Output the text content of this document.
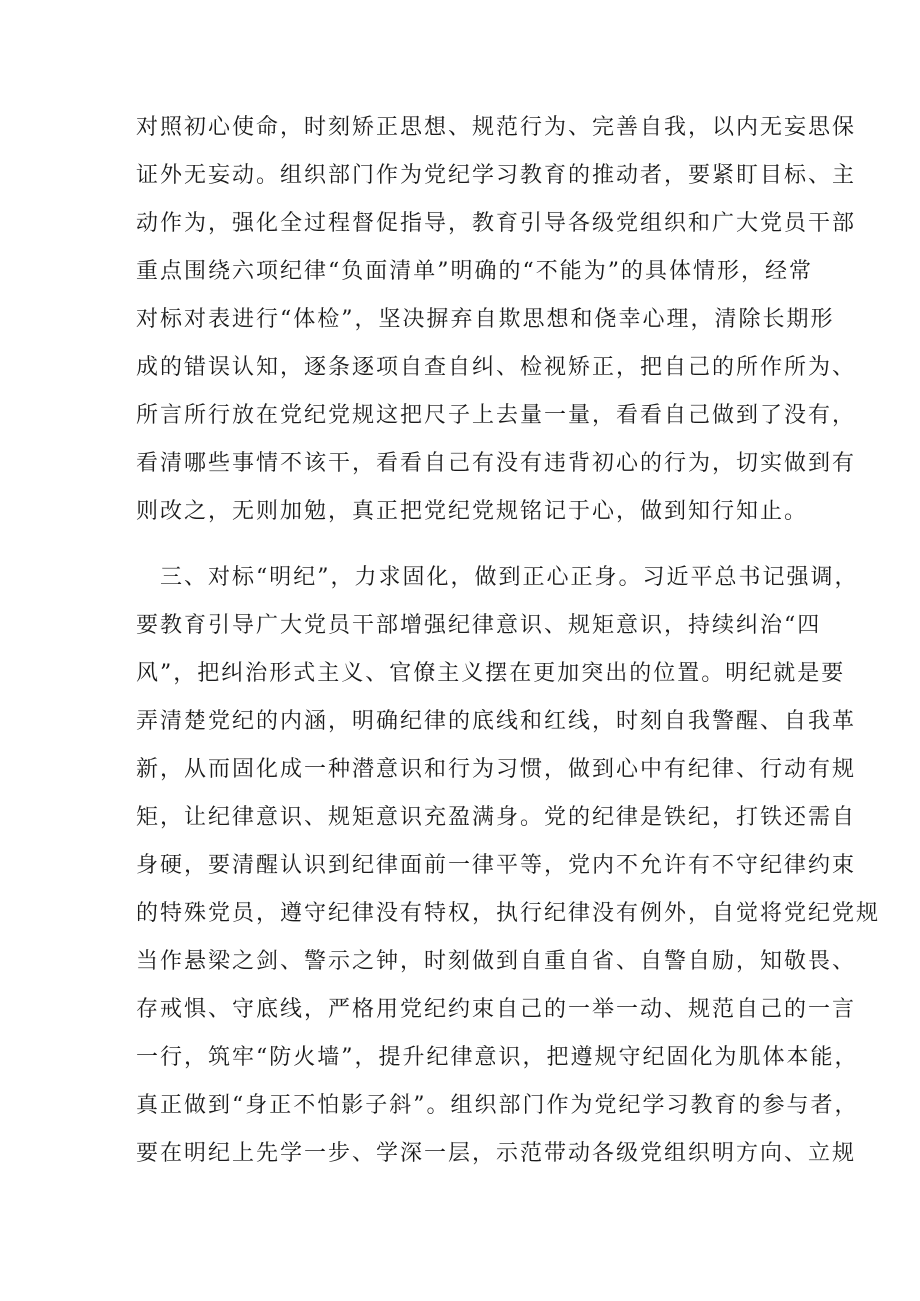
对照初心使命，时刻矫正思想、规范行为、完善自我，以内无妄思保
证外无妄动。组织部门作为党纪学习教育的推动者，要紧盯目标、主
动作为，强化全过程督促指导，教育引导各级党组织和广大党员干部
重点围绕六项纪律“负面清单”明确的“不能为”的具体情形，经常
对标对表进行“体检”，坚决摒弃自欺思想和侥幸心理，清除长期形
成的错误认知，逐条逐项自查自纠、检视矫正，把自己的所作所为、
所言所行放在党纪党规这把尺子上去量一量，看看自己做到了没有，
看清哪些事情不该干，看看自己有没有违背初心的行为，切实做到有
则改之，无则加勉，真正把党纪党规铭记于心，做到知行知止。

　三、对标“明纪”，力求固化，做到正心正身。习近平总书记强调，
要教育引导广大党员干部增强纪律意识、规矩意识，持续纠治“四
风”，把纠治形式主义、官僚主义摆在更加突出的位置。明纪就是要
弄清楚党纪的内涵，明确纪律的底线和红线，时刻自我警醒、自我革
新，从而固化成一种潜意识和行为习惯，做到心中有纪律、行动有规
矩，让纪律意识、规矩意识充盈满身。党的纪律是铁纪，打铁还需自
身硬，要清醒认识到纪律面前一律平等，党内不允许有不守纪律约束
的特殊党员，遵守纪律没有特权，执行纪律没有例外，自觉将党纪党规
当作悬梁之剑、警示之钟，时刻做到自重自省、自警自励，知敬畏、
存戒惧、守底线，严格用党纪约束自己的一举一动、规范自己的一言
一行，筑牢“防火墙”，提升纪律意识，把遵规守纪固化为肌体本能，
真正做到“身正不怕影子斜”。组织部门作为党纪学习教育的参与者，
要在明纪上先学一步、学深一层，示范带动各级党组织明方向、立规
